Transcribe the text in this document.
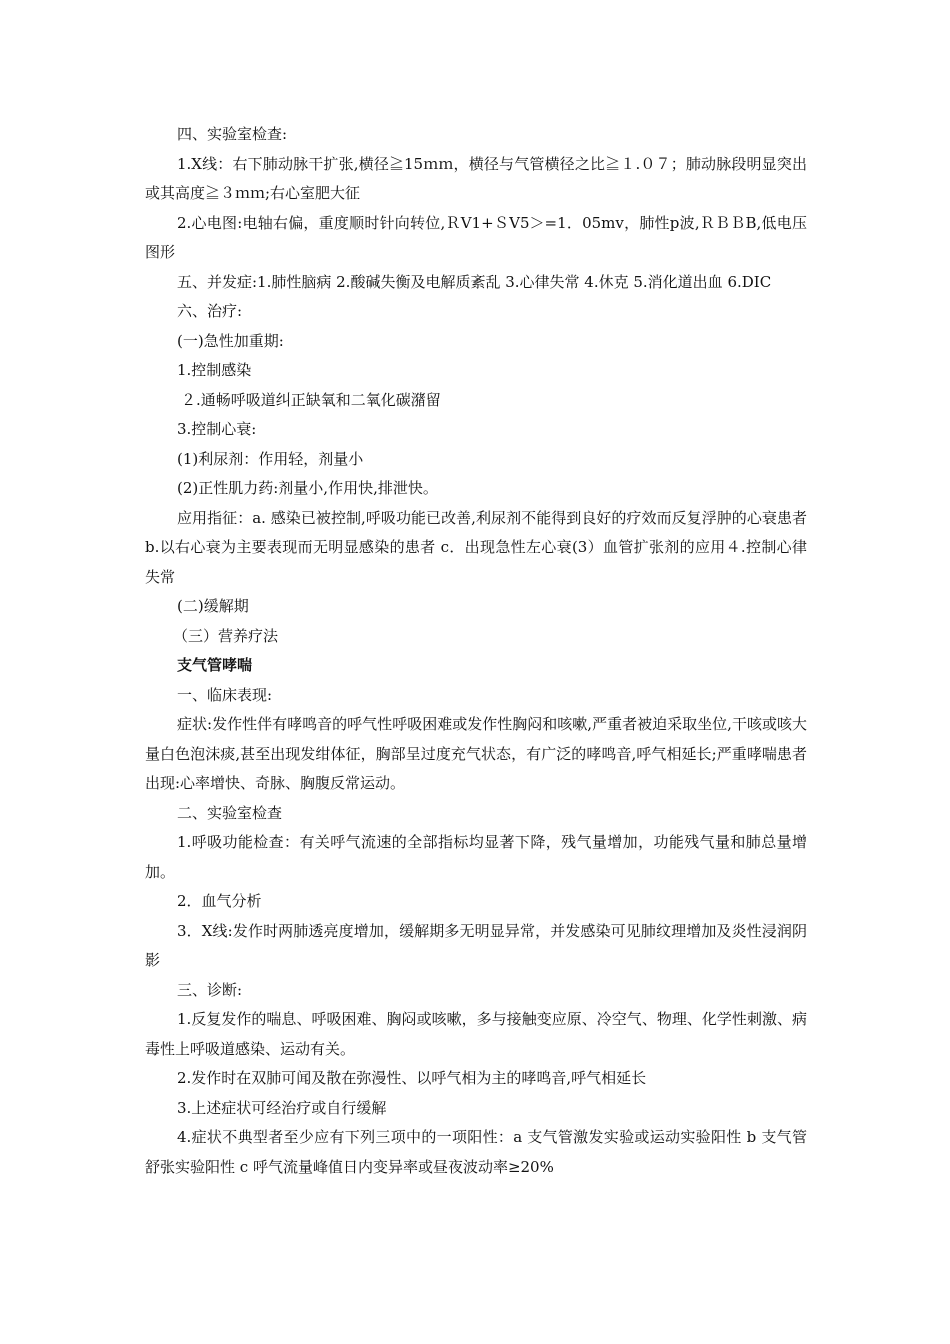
四、实验室检查:

1.X线：右下肺动脉干扩张,横径≧15ｍｍ，横径与气管横径之比≧１.０７；肺动脉段明显突出或其高度≧３ｍｍ;右心室肥大征

2.心电图:电轴右偏，重度顺时针向转位,ＲV1+ＳV5＞=1．05mv，肺性p波,ＲＢＢB,低电压图形

五、并发症:1.肺性脑病 2.酸碱失衡及电解质紊乱 3.心律失常 4.休克 5.消化道出血 6.DIC

六、治疗:

(一)急性加重期:

1.控制感染

２.通畅呼吸道纠正缺氧和二氧化碳潴留

3.控制心衰:

(1)利尿剂：作用轻，剂量小

(2)正性肌力药:剂量小,作用快,排泄快。

应用指征：a. 感染已被控制,呼吸功能已改善,利尿剂不能得到良好的疗效而反复浮肿的心衰患者 b.以右心衰为主要表现而无明显感染的患者 c．出现急性左心衰(3）血管扩张剂的应用４.控制心律失常

(二)缓解期

（三）营养疗法

支气管哮喘

一、临床表现:

症状:发作性伴有哮鸣音的呼气性呼吸困难或发作性胸闷和咳嗽,严重者被迫采取坐位,干咳或咳大量白色泡沫痰,甚至出现发绀体征，胸部呈过度充气状态，有广泛的哮鸣音,呼气相延长;严重哮喘患者出现:心率增快、奇脉、胸腹反常运动。

二、实验室检查

1.呼吸功能检查：有关呼气流速的全部指标均显著下降，残气量增加，功能残气量和肺总量增加。

2．血气分析

3．X线:发作时两肺透亮度增加，缓解期多无明显异常，并发感染可见肺纹理增加及炎性浸润阴影

三、诊断:

1.反复发作的喘息、呼吸困难、胸闷或咳嗽，多与接触变应原、冷空气、物理、化学性刺激、病毒性上呼吸道感染、运动有关。

2.发作时在双肺可闻及散在弥漫性、以呼气相为主的哮鸣音,呼气相延长

3.上述症状可经治疗或自行缓解

4.症状不典型者至少应有下列三项中的一项阳性：a 支气管激发实验或运动实验阳性 b 支气管舒张实验阳性 c 呼气流量峰值日内变异率或昼夜波动率≥20%
